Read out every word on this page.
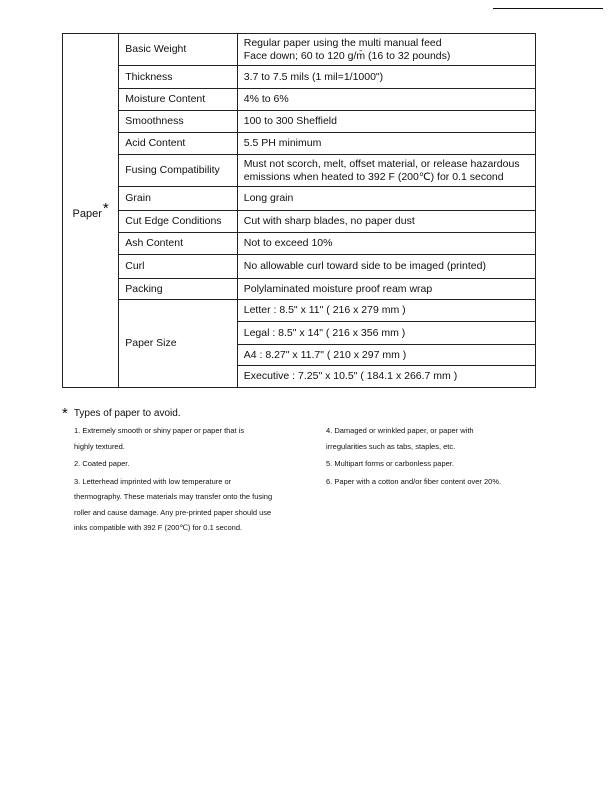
Paper*	Basic Weight	Regular paper using the multi manual feed
Face down; 60 to 120 g/m̄ (16 to 32 pounds)

	Thickness	3.7 to 7.5 mils (1 mil=1/1000")
	Moisture Content	4% to 6%
	Smoothness	100 to 300 Sheffield
	Acid Content	5.5 PH minimum
	Fusing Compatibility	Must not scorch, melt, offset material, or release hazardous
emissions when heated to 392 F (200℃) for 0.1 second

	Grain	Long grain
	Cut Edge Conditions	Cut with sharp blades, no paper dust
	Ash Content	Not to exceed 10%
	Curl	No allowable curl toward side to be imaged (printed)
	Packing	Polylaminated moisture proof ream wrap
	Paper Size	Letter : 8.5" x 11" ( 216 x 279 mm )
		Legal : 8.5" x 14" ( 216 x 356 mm )
		A4 : 8.27" x 11.7" ( 210 x 297 mm )
		Executive : 7.25" x 10.5" ( 184.1 x 266.7 mm )
* Types of paper to avoid.
1. Extremely smooth or shiny paper or paper that is
highly textured.
2. Coated paper.
3. Letterhead imprinted with low temperature or
thermography. These materials may transfer onto the fusing roller and cause damage. Any pre-printed paper should use inks compatible with 392 F (200℃) for 0.1 second.
4. Damaged or wrinkled paper, or paper with
irregularities such as tabs, staples, etc.
5. Multipart forms or carbonless paper.
6. Paper with a cotton and/or fiber content over 20%.
